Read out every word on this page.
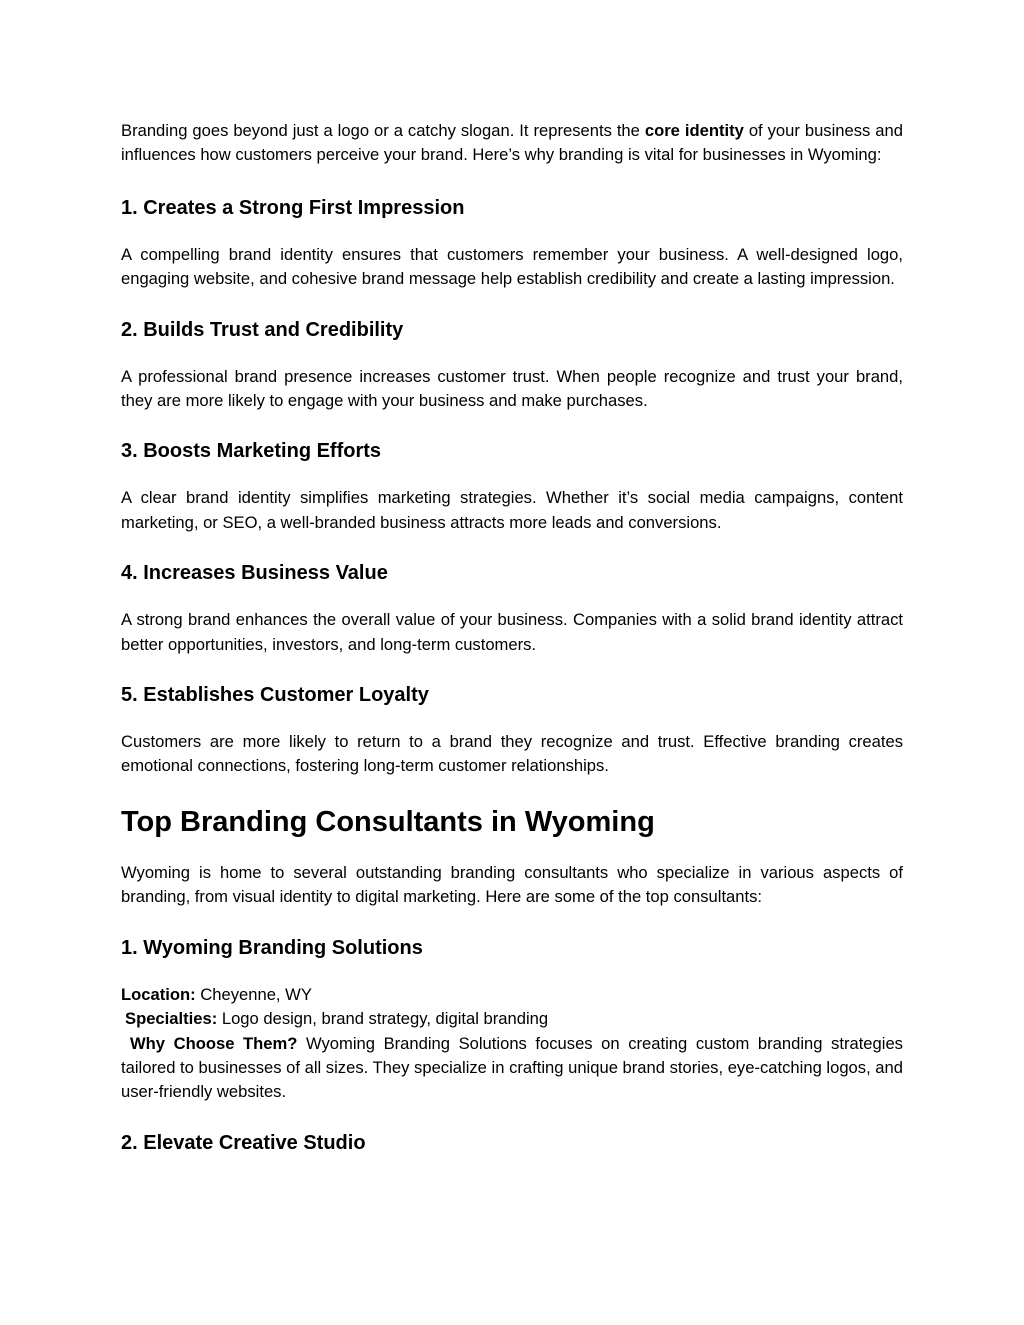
Branding goes beyond just a logo or a catchy slogan. It represents the core identity of your business and influences how customers perceive your brand. Here’s why branding is vital for businesses in Wyoming:

1. Creates a Strong First Impression

A compelling brand identity ensures that customers remember your business. A well-designed logo, engaging website, and cohesive brand message help establish credibility and create a lasting impression.

2. Builds Trust and Credibility

A professional brand presence increases customer trust. When people recognize and trust your brand, they are more likely to engage with your business and make purchases.

3. Boosts Marketing Efforts

A clear brand identity simplifies marketing strategies. Whether it’s social media campaigns, content marketing, or SEO, a well-branded business attracts more leads and conversions.

4. Increases Business Value

A strong brand enhances the overall value of your business. Companies with a solid brand identity attract better opportunities, investors, and long-term customers.

5. Establishes Customer Loyalty

Customers are more likely to return to a brand they recognize and trust. Effective branding creates emotional connections, fostering long-term customer relationships.

Top Branding Consultants in Wyoming

Wyoming is home to several outstanding branding consultants who specialize in various aspects of branding, from visual identity to digital marketing. Here are some of the top consultants:

1. Wyoming Branding Solutions

Location: Cheyenne, WY
Specialties: Logo design, brand strategy, digital branding
Why Choose Them? Wyoming Branding Solutions focuses on creating custom branding strategies tailored to businesses of all sizes. They specialize in crafting unique brand stories, eye-catching logos, and user-friendly websites.

2. Elevate Creative Studio
